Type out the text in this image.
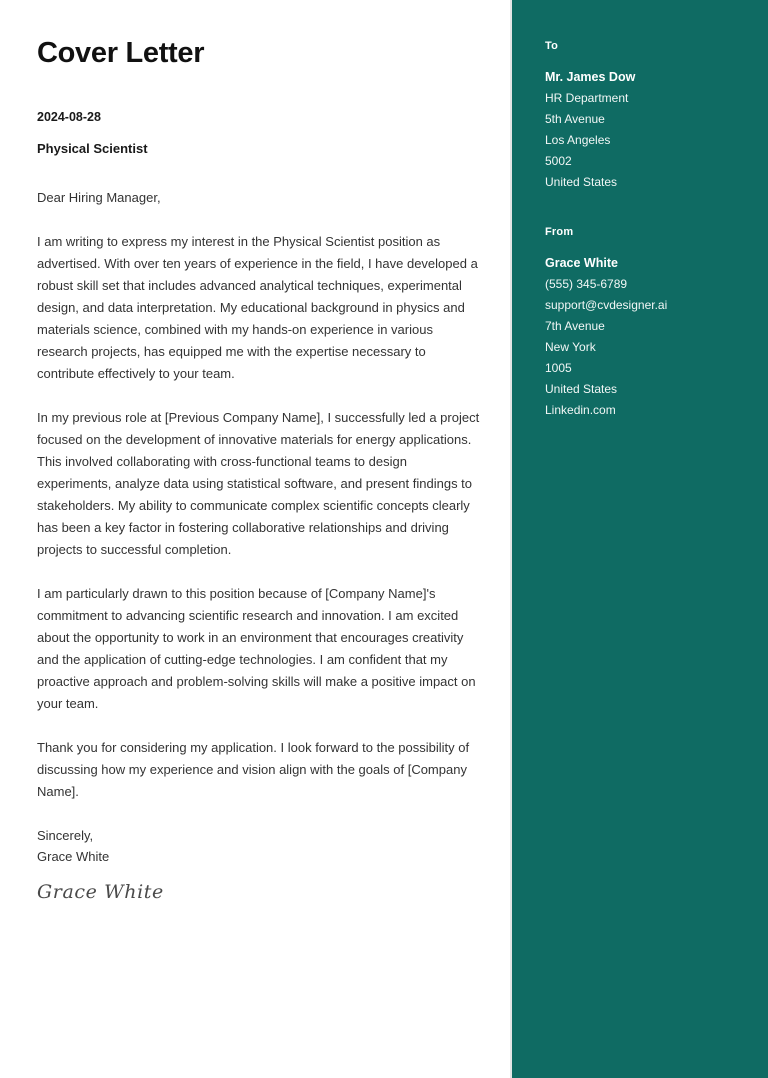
Cover Letter
2024-08-28
Physical Scientist
Dear Hiring Manager,
I am writing to express my interest in the Physical Scientist position as advertised. With over ten years of experience in the field, I have developed a robust skill set that includes advanced analytical techniques, experimental design, and data interpretation. My educational background in physics and materials science, combined with my hands-on experience in various research projects, has equipped me with the expertise necessary to contribute effectively to your team.
In my previous role at [Previous Company Name], I successfully led a project focused on the development of innovative materials for energy applications. This involved collaborating with cross-functional teams to design experiments, analyze data using statistical software, and present findings to stakeholders. My ability to communicate complex scientific concepts clearly has been a key factor in fostering collaborative relationships and driving projects to successful completion.
I am particularly drawn to this position because of [Company Name]'s commitment to advancing scientific research and innovation. I am excited about the opportunity to work in an environment that encourages creativity and the application of cutting-edge technologies. I am confident that my proactive approach and problem-solving skills will make a positive impact on your team.
Thank you for considering my application. I look forward to the possibility of discussing how my experience and vision align with the goals of [Company Name].
Sincerely,
Grace White
Grace White
To
Mr. James Dow
HR Department
5th Avenue
Los Angeles
5002
United States
From
Grace White
(555) 345-6789
support@cvdesigner.ai
7th Avenue
New York
1005
United States
Linkedin.com
